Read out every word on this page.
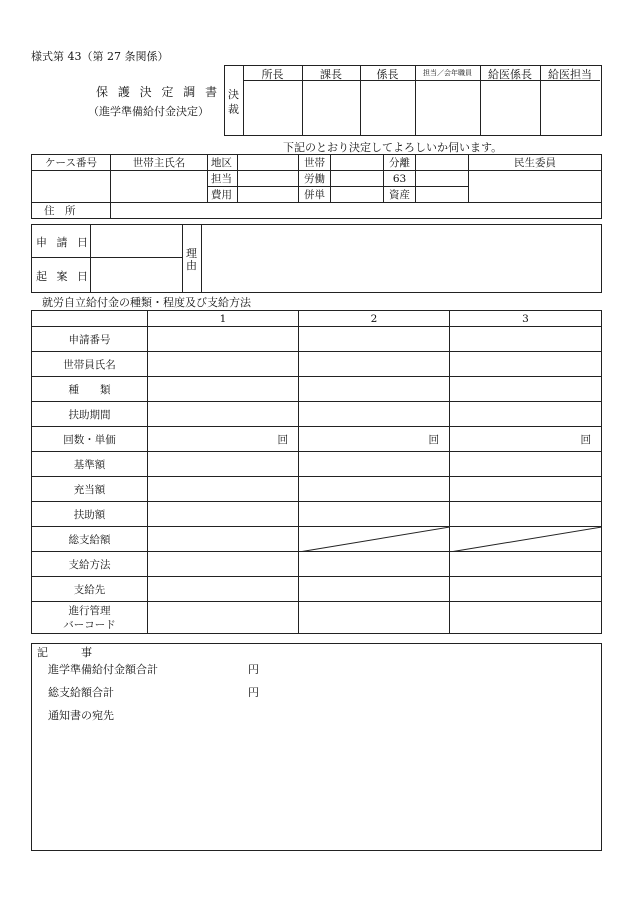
様式第 43（第 27 条関係）
保 護 決 定 調 書
（進学準備給付金決定）
決
裁
所長	課長	係長	担当／会年職員	給医係長	給医担当
下記のとおり決定してよろしいか伺います。
ケース番号	世帯主氏名	地区		世帯		分離		民生委員
		担当		労働		63		
		費用		併単		資産		
住　所								
申 請 日
起 案 日
理
由
就労自立給付金の種類・程度及び支給方法
	1	2	3
申請番号			
世帯員氏名			
種　　類			
扶助期間			
回数・単価	回	回	回
基準額			
充当額			
扶助額			
総支給額		

支給方法			
支給先			

進行管理
バーコード			

記　　　事
進学準備給付金額合計	円
総支給額合計	円
通知書の宛先
